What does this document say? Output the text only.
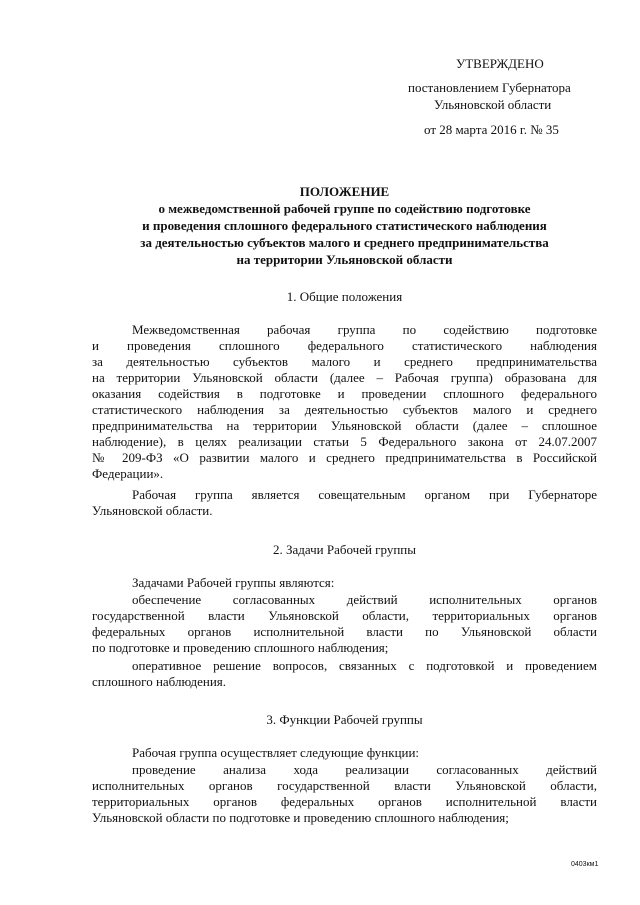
УТВЕРЖДЕНО
постановлением Губернатора
Ульяновской области
от 28 марта 2016 г. № 35
ПОЛОЖЕНИЕ
о межведомственной рабочей группе по содействию подготовке
и проведения сплошного федерального статистического наблюдения
за деятельностью субъектов малого и среднего предпринимательства
на территории Ульяновской области
1. Общие положения
Межведомственная рабочая группа по содействию подготовке
и проведения сплошного федерального статистического наблюдения
за деятельностью субъектов малого и среднего предпринимательства
на территории Ульяновской области (далее – Рабочая группа) образована для
оказания содействия в подготовке и проведении сплошного федерального
статистического наблюдения за деятельностью субъектов малого и среднего
предпринимательства на территории Ульяновской области (далее – сплошное
наблюдение), в целях реализации статьи 5 Федерального закона от 24.07.2007
№ 209-ФЗ «О развитии малого и среднего предпринимательства в Российской
Федерации».
Рабочая группа является совещательным органом при Губернаторе
Ульяновской области.
2. Задачи Рабочей группы
Задачами Рабочей группы являются:
обеспечение согласованных действий исполнительных органов
государственной власти Ульяновской области, территориальных органов
федеральных органов исполнительной власти по Ульяновской области
по подготовке и проведению сплошного наблюдения;
оперативное решение вопросов, связанных с подготовкой и проведением
сплошного наблюдения.
3. Функции Рабочей группы
Рабочая группа осуществляет следующие функции:
проведение анализа хода реализации согласованных действий
исполнительных органов государственной власти Ульяновской области,
территориальных органов федеральных органов исполнительной власти
Ульяновской области по подготовке и проведению сплошного наблюдения;
0403км1
